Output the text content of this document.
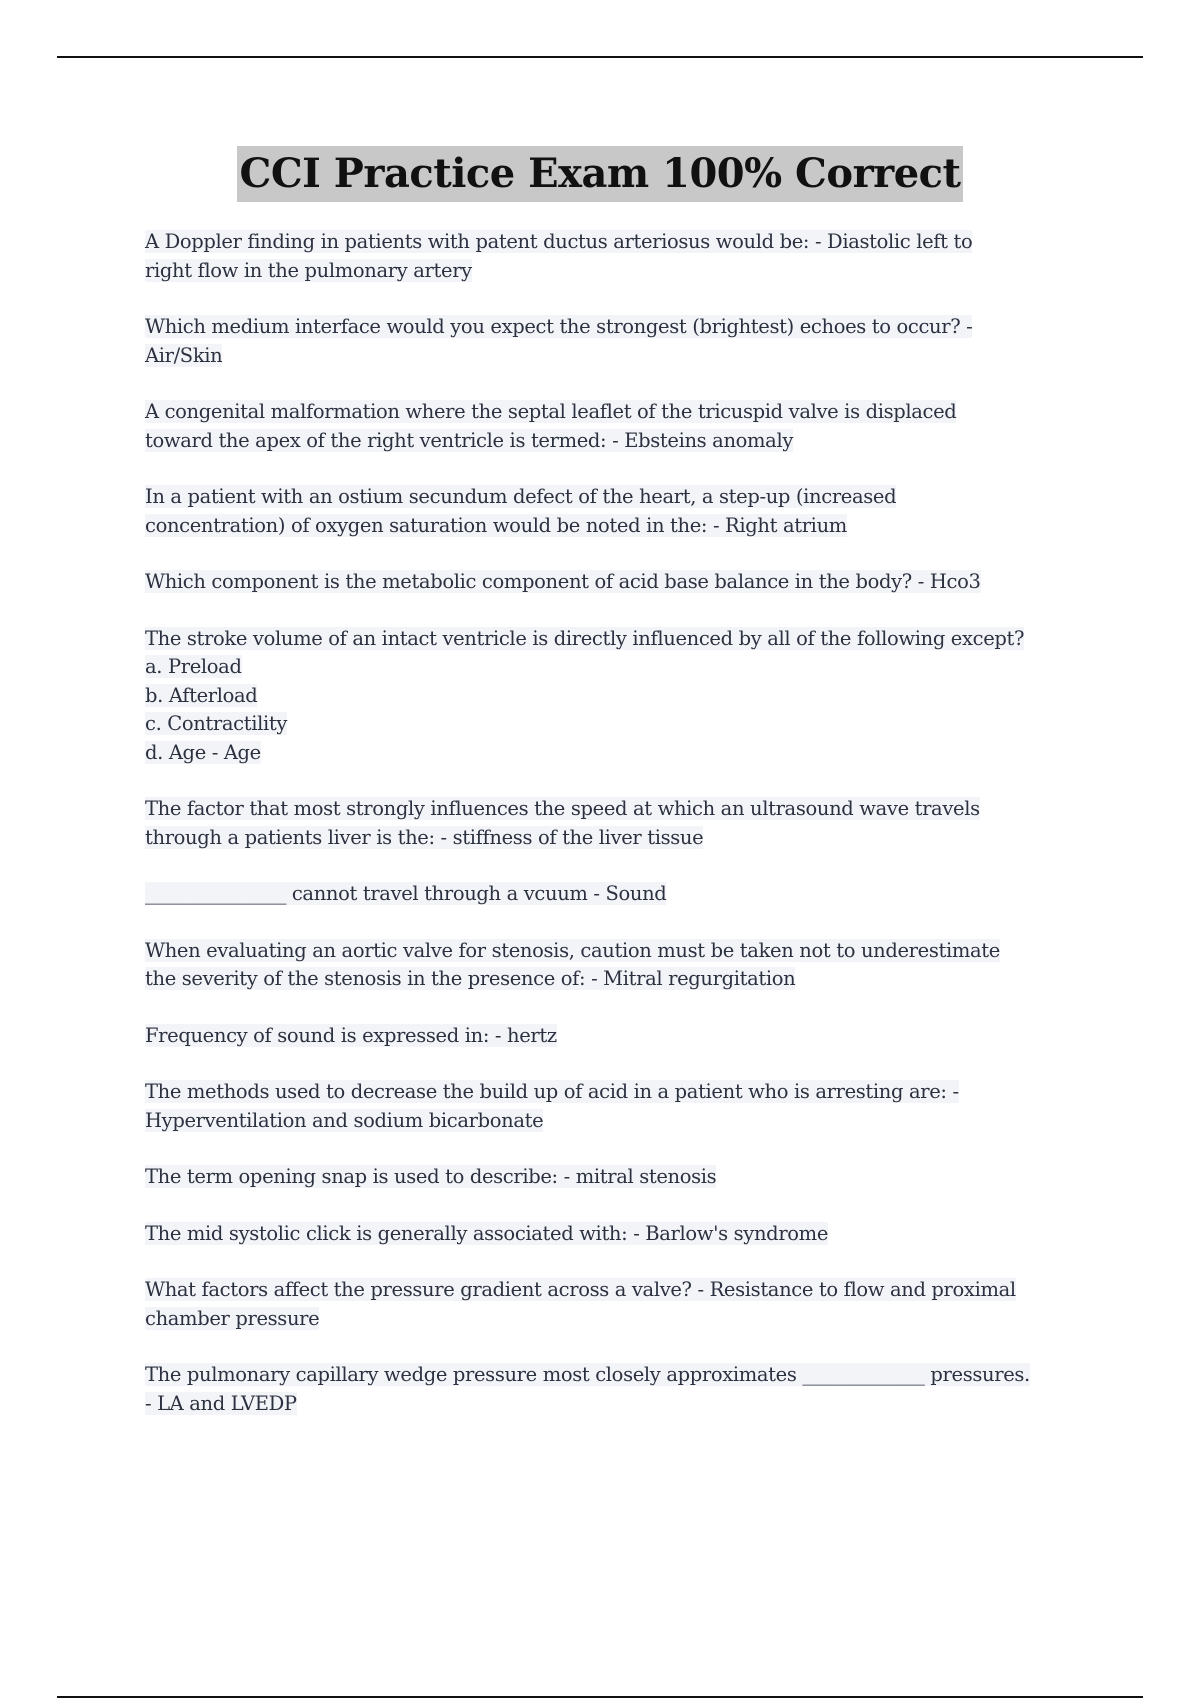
CCI Practice Exam 100% Correct

A Doppler finding in patients with patent ductus arteriosus would be: - Diastolic left to
right flow in the pulmonary artery

Which medium interface would you expect the strongest (brightest) echoes to occur? -
Air/Skin

A congenital malformation where the septal leaflet of the tricuspid valve is displaced
toward the apex of the right ventricle is termed: - Ebsteins anomaly

In a patient with an ostium secundum defect of the heart, a step-up (increased
concentration) of oxygen saturation would be noted in the: - Right atrium

Which component is the metabolic component of acid base balance in the body? - Hco3

The stroke volume of an intact ventricle is directly influenced by all of the following except?
a. Preload
b. Afterload
c. Contractility
d. Age - Age

The factor that most strongly influences the speed at which an ultrasound wave travels
through a patients liver is the: - stiffness of the liver tissue

_______________ cannot travel through a vcuum - Sound

When evaluating an aortic valve for stenosis, caution must be taken not to underestimate
the severity of the stenosis in the presence of: - Mitral regurgitation

Frequency of sound is expressed in: - hertz

The methods used to decrease the build up of acid in a patient who is arresting are: -
Hyperventilation and sodium bicarbonate

The term opening snap is used to describe: - mitral stenosis

The mid systolic click is generally associated with: - Barlow's syndrome

What factors affect the pressure gradient across a valve? - Resistance to flow and proximal
chamber pressure

The pulmonary capillary wedge pressure most closely approximates _____________ pressures.
- LA and LVEDP
